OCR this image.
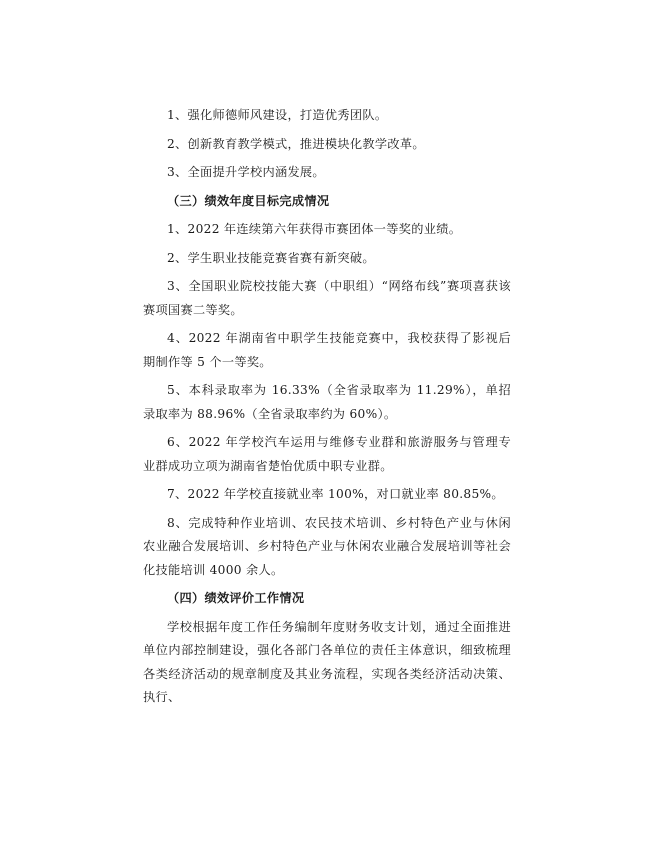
1、强化师德师风建设，打造优秀团队。

2、创新教育教学模式，推进模块化教学改革。

3、全面提升学校内涵发展。

（三）绩效年度目标完成情况

1、2022 年连续第六年获得市赛团体一等奖的业绩。

2、学生职业技能竞赛省赛有新突破。

3、全国职业院校技能大赛（中职组）“网络布线”赛项喜获该赛项国赛二等奖。

4、2022 年湖南省中职学生技能竞赛中，我校获得了影视后期制作等 5 个一等奖。

5、本科录取率为 16.33%（全省录取率为 11.29%），单招录取率为 88.96%（全省录取率约为 60%）。

6、2022 年学校汽车运用与维修专业群和旅游服务与管理专业群成功立项为湖南省楚怡优质中职专业群。

7、2022 年学校直接就业率 100%，对口就业率 80.85%。

8、完成特种作业培训、农民技术培训、乡村特色产业与休闲农业融合发展培训、乡村特色产业与休闲农业融合发展培训等社会化技能培训 4000 余人。

（四）绩效评价工作情况

学校根据年度工作任务编制年度财务收支计划，通过全面推进单位内部控制建设，强化各部门各单位的责任主体意识，细致梳理各类经济活动的规章制度及其业务流程，实现各类经济活动决策、执行、
